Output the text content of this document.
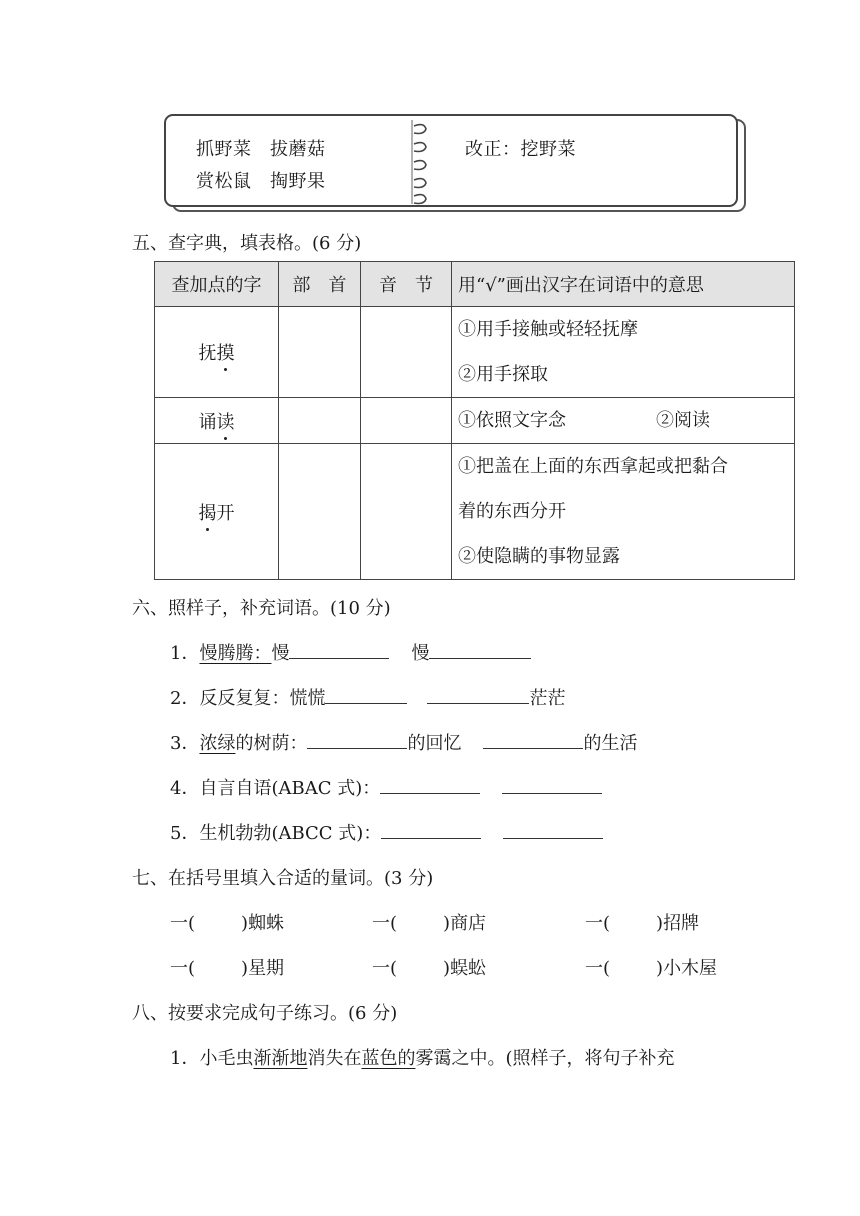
抓野菜　拔蘑菇
赏松鼠　掏野果
改正：挖野菜
五、查字典，填表格。(6 分)
查加点的字	部　首	音　节	用“√”画出汉字在词语中的意思
抚摸			①用手接触或轻轻抚摩
②用手探取

诵读			①依照文字念 ②阅读

揭开			①把盖在上面的东西拿起或把黏合
着的东西分开
②使隐瞒的事物显露
六、照样子，补充词语。(10 分)
1．慢腾腾：慢	慢
2．反反复复：慌慌	茫茫
3．浓绿的树荫：	的回忆	的生活
4．自言自语(ABAC 式)：
5．生机勃勃(ABCC 式)：
七、在括号里填入合适的量词。(3 分)
一(	)蜘蛛	一(	)商店	一(	)招牌
一(	)星期	一(	)蜈蚣	一(	)小木屋
八、按要求完成句子练习。(6 分)
1．小毛虫渐渐地消失在蓝色的雾霭之中。(照样子，将句子补充
